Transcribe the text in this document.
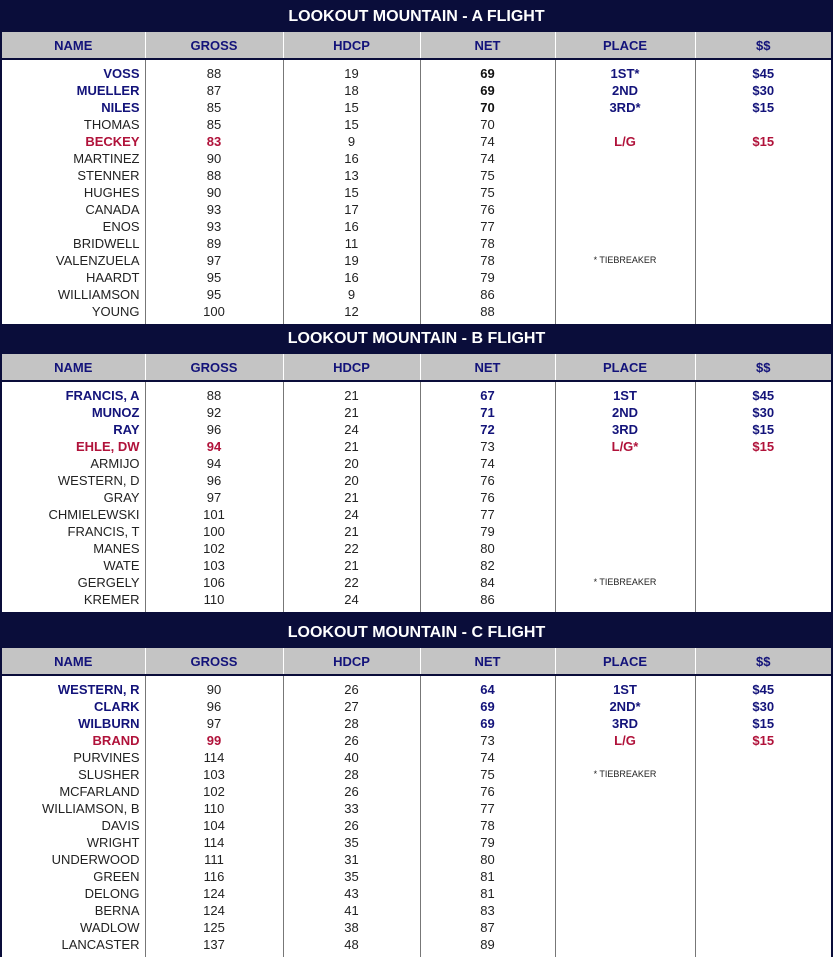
LOOKOUT MOUNTAIN - A FLIGHT
NAME	GROSS	HDCP	NET	PLACE	$$

VOSS	88	19	69	1ST*	$45
MUELLER	87	18	69	2ND	$30
NILES	85	15	70	3RD*	$15
THOMAS	85	15	70		
BECKEY	83	9	74	L/G	$15
MARTINEZ	90	16	74		
STENNER	88	13	75		
HUGHES	90	15	75		
CANADA	93	17	76		
ENOS	93	16	77		
BRIDWELL	89	11	78		
VALENZUELA	97	19	78	* TIEBREAKER	
HAARDT	95	16	79		
WILLIAMSON	95	9	86		
YOUNG	100	12	88		

LOOKOUT MOUNTAIN - B FLIGHT
NAME	GROSS	HDCP	NET	PLACE	$$

FRANCIS, A	88	21	67	1ST	$45
MUNOZ	92	21	71	2ND	$30
RAY	96	24	72	3RD	$15
EHLE, DW	94	21	73	L/G*	$15
ARMIJO	94	20	74		
WESTERN, D	96	20	76		
GRAY	97	21	76		
CHMIELEWSKI	101	24	77		
FRANCIS, T	100	21	79		
MANES	102	22	80		
WATE	103	21	82		
GERGELY	106	22	84	* TIEBREAKER	
KREMER	110	24	86		

LOOKOUT MOUNTAIN - C FLIGHT
NAME	GROSS	HDCP	NET	PLACE	$$

WESTERN, R	90	26	64	1ST	$45
CLARK	96	27	69	2ND*	$30
WILBURN	97	28	69	3RD	$15
BRAND	99	26	73	L/G	$15
PURVINES	114	40	74		
SLUSHER	103	28	75	* TIEBREAKER	
MCFARLAND	102	26	76		
WILLIAMSON, B	110	33	77		
DAVIS	104	26	78		
WRIGHT	114	35	79		
UNDERWOOD	111	31	80		
GREEN	116	35	81		
DELONG	124	43	81		
BERNA	124	41	83		
WADLOW	125	38	87		
LANCASTER	137	48	89		
